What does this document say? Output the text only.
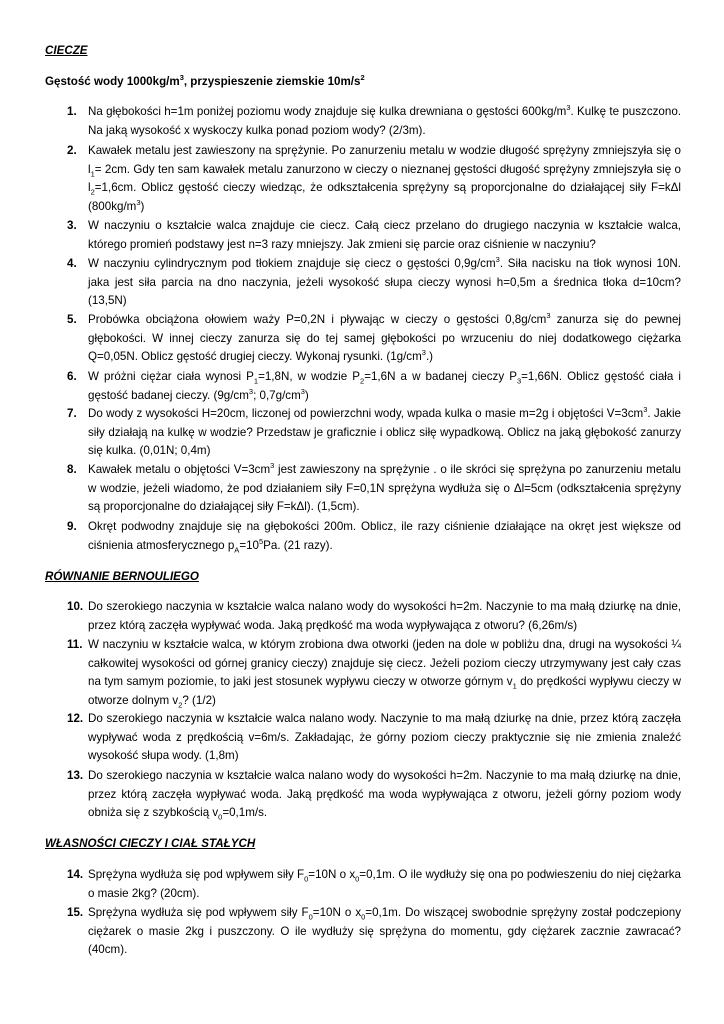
CIECZE
Gęstość wody $1000kg/m^3$, przyspieszenie ziemskie $10m/s^2$
1. Na głębokości h=1m poniżej poziomu wody znajduje się kulka drewniana o gęstości $600kg/m^3$. Kulkę te puszczono. Na jaką wysokość x wyskoczy kulka ponad poziom wody? (2/3m).
2. Kawałek metalu jest zawieszony na sprężynie. Po zanurzeniu metalu w wodzie długość sprężyny zmniejszyła się o $l_1= 2cm$. Gdy ten sam kawałek metalu zanurzono w cieczy o nieznanej gęstości długość sprężyny zmniejszyła się o $l_2=1,6cm$. Oblicz gęstość cieczy wiedząc, że odkształcenia sprężyny są proporcjonalne do działającej siły F=kΔl $(800kg/m^3)$
3. W naczyniu o kształcie walca znajduje cie ciecz. Całą ciecz przelano do drugiego naczynia w kształcie walca, którego promień podstawy jest n=3 razy mniejszy. Jak zmieni się parcie oraz ciśnienie w naczyniu?
4. W naczyniu cylindrycznym pod tłokiem znajduje się ciecz o gęstości $0,9g/cm^3$. Siła nacisku na tłok wynosi 10N. jaka jest siła parcia na dno naczynia, jeżeli wysokość słupa cieczy wynosi h=0,5m a średnica tłoka d=10cm? (13,5N)
5. Probówka obciążona ołowiem waży P=0,2N i pływając w cieczy o gęstości $0,8g/cm^3$ zanurza się do pewnej głębokości. W innej cieczy zanurza się do tej samej głębokości po wrzuceniu do niej dodatkowego ciężarka Q=0,05N. Oblicz gęstość drugiej cieczy. Wykonaj rysunki. $(1g/cm^3.)$
6. W próżni ciężar ciała wynosi $P_1=1,8N$, w wodzie $P_2=1,6N$ a w badanej cieczy $P_3=1,66N$. Oblicz gęstość ciała i gęstość badanej cieczy. ($9g/cm^3$; $0,7g/cm^3$)
7. Do wody z wysokości H=20cm, liczonej od powierzchni wody, wpada kulka o masie m=2g i objętości $V=3cm^3$. Jakie siły działają na kulkę w wodzie? Przedstaw je graficznie i oblicz siłę wypadkową. Oblicz na jaką głębokość zanurzy się kulka. (0,01N; 0,4m)
8. Kawałek metalu o objętości $V=3cm^3$ jest zawieszony na sprężynie . o ile skróci się sprężyna po zanurzeniu metalu w wodzie, jeżeli wiadomo, że pod działaniem siły F=0,1N sprężyna wydłuża się o Δl=5cm (odkształcenia sprężyny są proporcjonalne do działającej siły F=kΔl). (1,5cm).
9. Okręt podwodny znajduje się na głębokości 200m. Oblicz, ile razy ciśnienie działające na okręt jest większe od ciśnienia atmosferycznego $p_A=10^5Pa$. (21 razy).
RÓWNANIE BERNOULIEGO
10. Do szerokiego naczynia w kształcie walca nalano wody do wysokości h=2m. Naczynie to ma małą dziurkę na dnie, przez którą zaczęła wypływać woda. Jaką prędkość ma woda wypływająca z otworu? (6,26m/s)
11. W naczyniu w kształcie walca, w którym zrobiona dwa otworki (jeden na dole w pobliżu dna, drugi na wysokości ¼ całkowitej wysokości od górnej granicy cieczy) znajduje się ciecz. Jeżeli poziom cieczy utrzymywany jest cały czas na tym samym poziomie, to jaki jest stosunek wypływu cieczy w otworze górnym $v_1$ do prędkości wypływu cieczy w otworze dolnym $v_2$? (1/2)
12. Do szerokiego naczynia w kształcie walca nalano wody. Naczynie to ma małą dziurkę na dnie, przez którą zaczęła wypływać woda z prędkością v=6m/s. Zakładając, że górny poziom cieczy praktycznie się nie zmienia znaleźć wysokość słupa wody. (1,8m)
13. Do szerokiego naczynia w kształcie walca nalano wody do wysokości h=2m. Naczynie to ma małą dziurkę na dnie, przez którą zaczęła wypływać woda. Jaką prędkość ma woda wypływająca z otworu, jeżeli górny poziom wody obniża się z szybkością $v_0=0,1m/s$.
WŁASNOŚCI CIECZY I CIAŁ STAŁYCH
14. Sprężyna wydłuża się pod wpływem siły $F_0=10N$ o $x_0=0,1m$. O ile wydłuży się ona po podwieszeniu do niej ciężarka o masie 2kg? (20cm).
15. Sprężyna wydłuża się pod wpływem siły $F_0=10N$ o $x_0=0,1m$. Do wiszącej swobodnie sprężyny został podczepiony ciężarek o masie 2kg i puszczony. O ile wydłuży się sprężyna do momentu, gdy ciężarek zacznie zawracać? (40cm).
